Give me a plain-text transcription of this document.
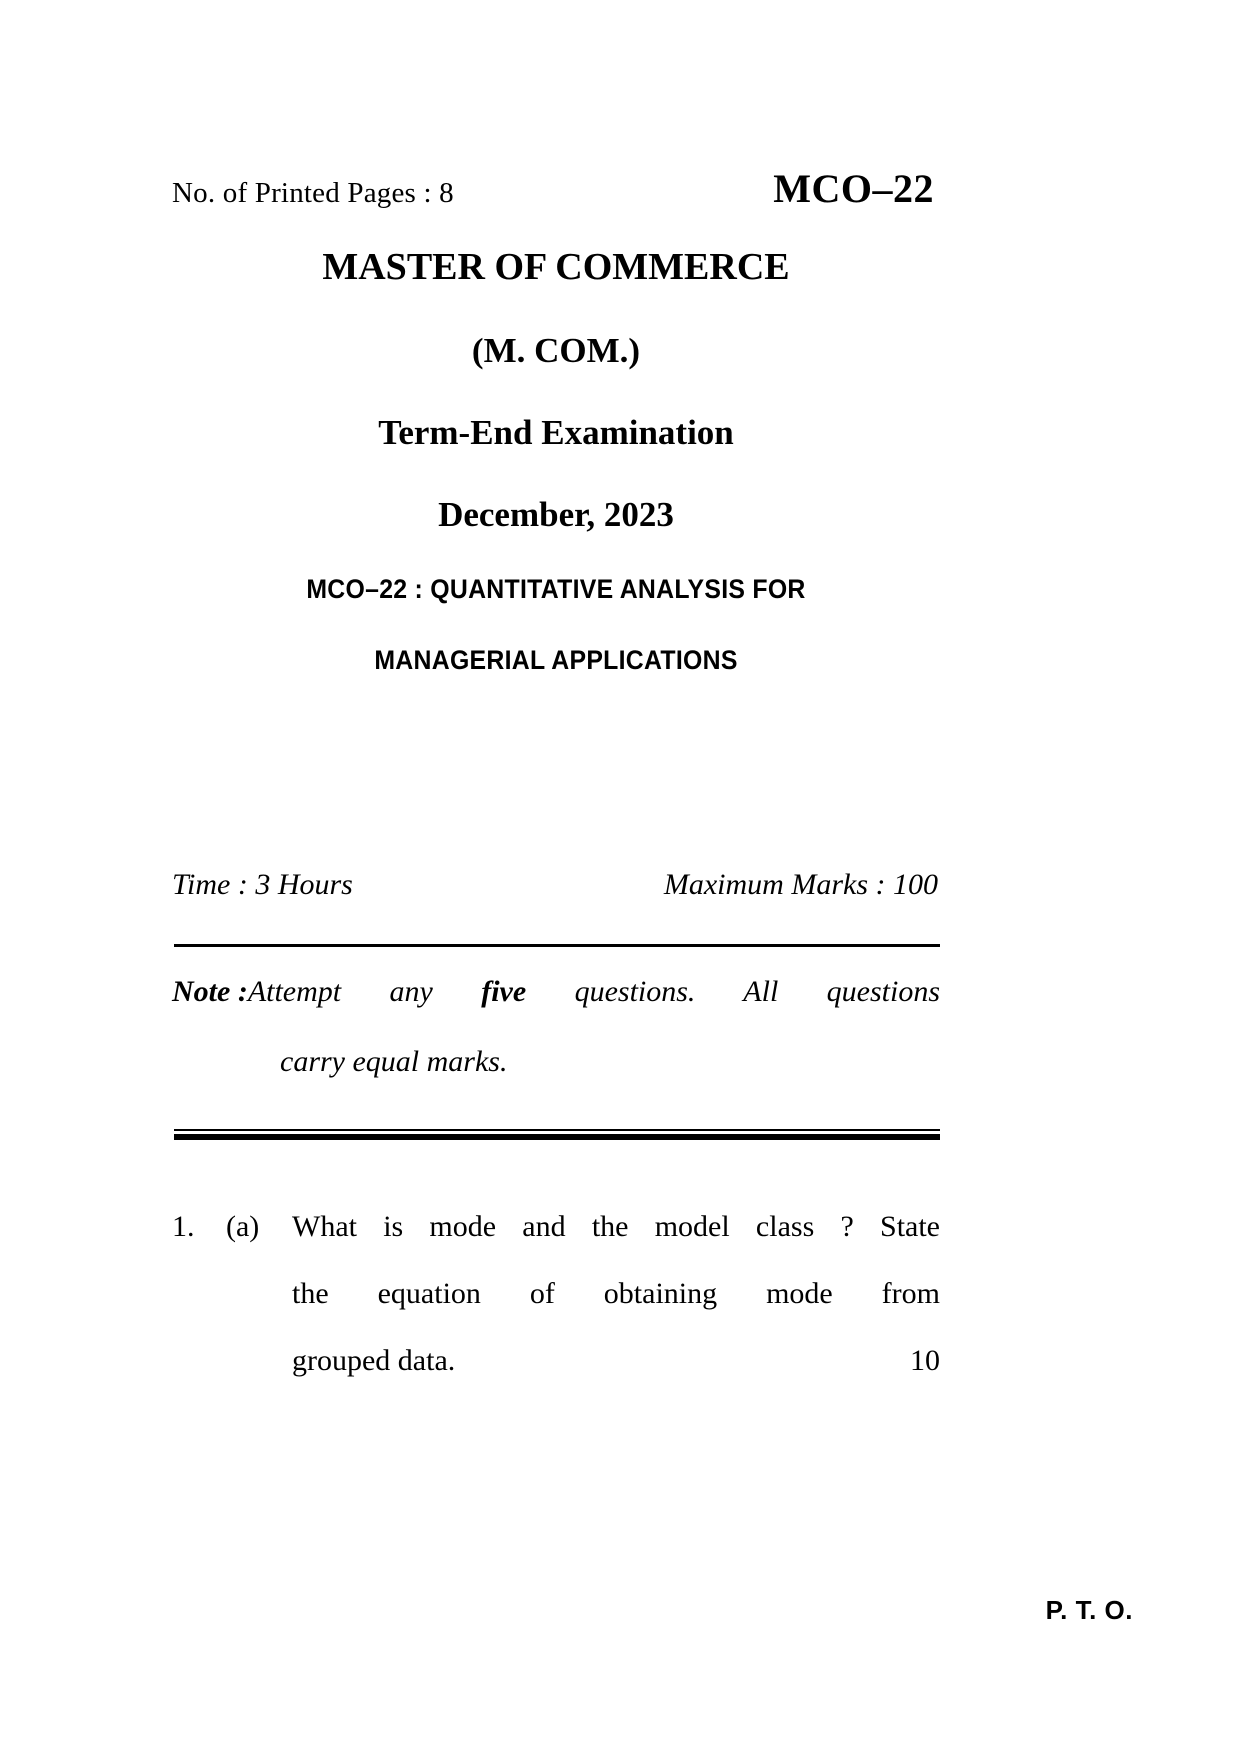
No. of Printed Pages : 8	MCO–22
MASTER OF COMMERCE
(M. COM.)
Term-End Examination
December, 2023
MCO–22 : QUANTITATIVE ANALYSIS FOR
MANAGERIAL APPLICATIONS
Time : 3 Hours	Maximum Marks : 100
Note : Attempt any five questions. All questions
carry equal marks.
1.	(a)	What is mode and the model class ? State
the equation of obtaining mode from
grouped data.	10
P. T. O.
